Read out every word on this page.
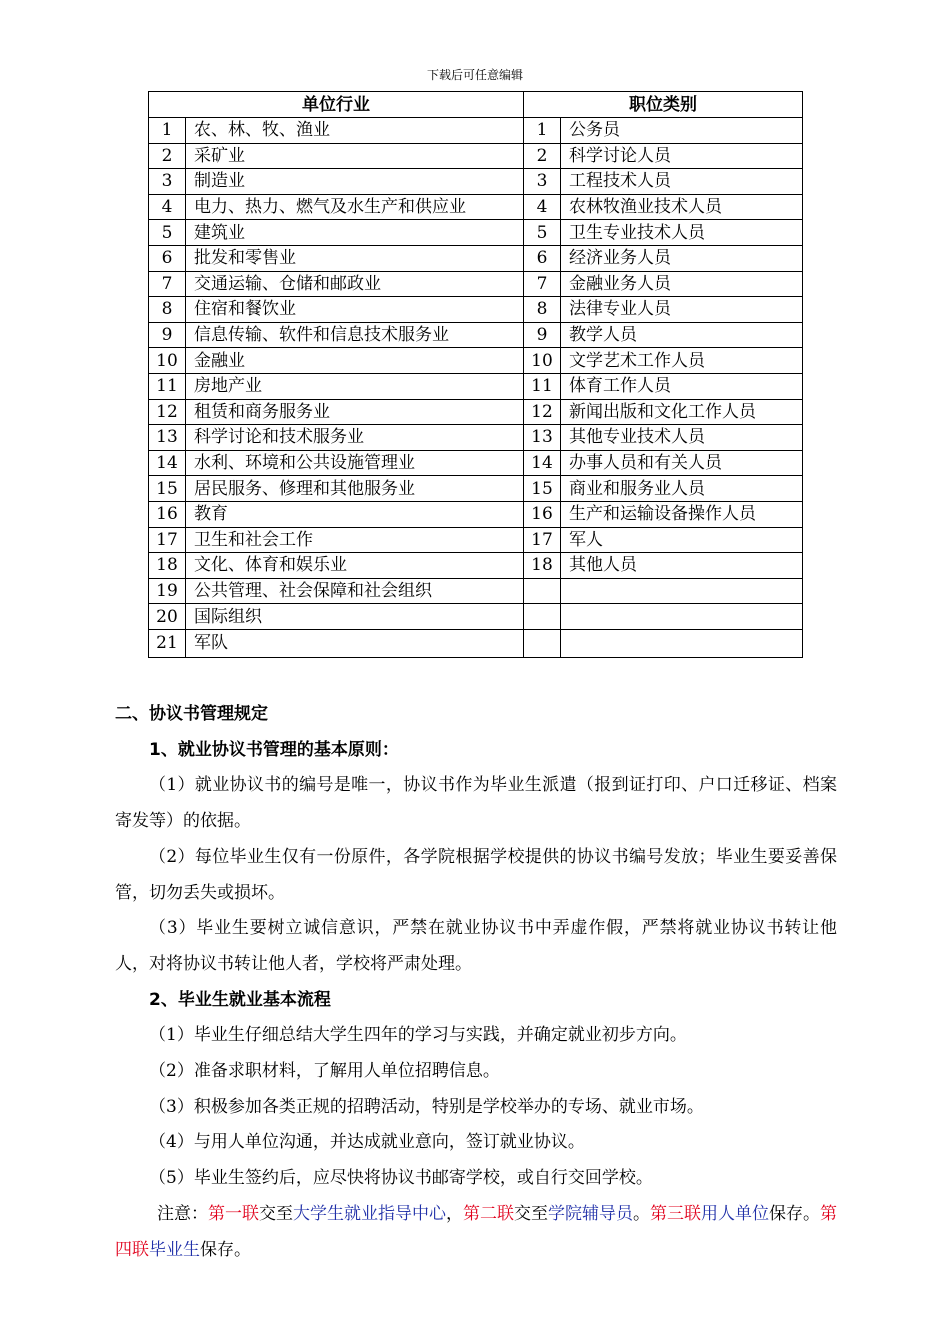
下载后可任意编辑
单位行业		职位类别	
1	农、林、牧、渔业	1	公务员
2	采矿业	2	科学讨论人员
3	制造业	3	工程技术人员
4	电力、热力、燃气及水生产和供应业	4	农林牧渔业技术人员
5	建筑业	5	卫生专业技术人员
6	批发和零售业	6	经济业务人员
7	交通运输、仓储和邮政业	7	金融业务人员
8	住宿和餐饮业	8	法律专业人员
9	信息传输、软件和信息技术服务业	9	教学人员
10	金融业	10	文学艺术工作人员
11	房地产业	11	体育工作人员
12	租赁和商务服务业	12	新闻出版和文化工作人员
13	科学讨论和技术服务业	13	其他专业技术人员
14	水利、环境和公共设施管理业	14	办事人员和有关人员
15	居民服务、修理和其他服务业	15	商业和服务业人员
16	教育	16	生产和运输设备操作人员
17	卫生和社会工作	17	军人
18	文化、体育和娱乐业	18	其他人员
19	公共管理、社会保障和社会组织		
20	国际组织		
21	军队		

二、协议书管理规定

1、就业协议书管理的基本原则：

（1）就业协议书的编号是唯一，协议书作为毕业生派遣（报到证打印、户口迁移证、档案寄发等）的依据。

（2）每位毕业生仅有一份原件，各学院根据学校提供的协议书编号发放；毕业生要妥善保管，切勿丢失或损坏。

（3）毕业生要树立诚信意识，严禁在就业协议书中弄虚作假，严禁将就业协议书转让他人，对将协议书转让他人者，学校将严肃处理。

2、毕业生就业基本流程

（1）毕业生仔细总结大学生四年的学习与实践，并确定就业初步方向。

（2）准备求职材料，了解用人单位招聘信息。

（3）积极参加各类正规的招聘活动，特别是学校举办的专场、就业市场。

（4）与用人单位沟通，并达成就业意向，签订就业协议。

（5）毕业生签约后，应尽快将协议书邮寄学校，或自行交回学校。

注意：第一联交至大学生就业指导中心，第二联交至学院辅导员。第三联用人单位保存。第四联毕业生保存。
